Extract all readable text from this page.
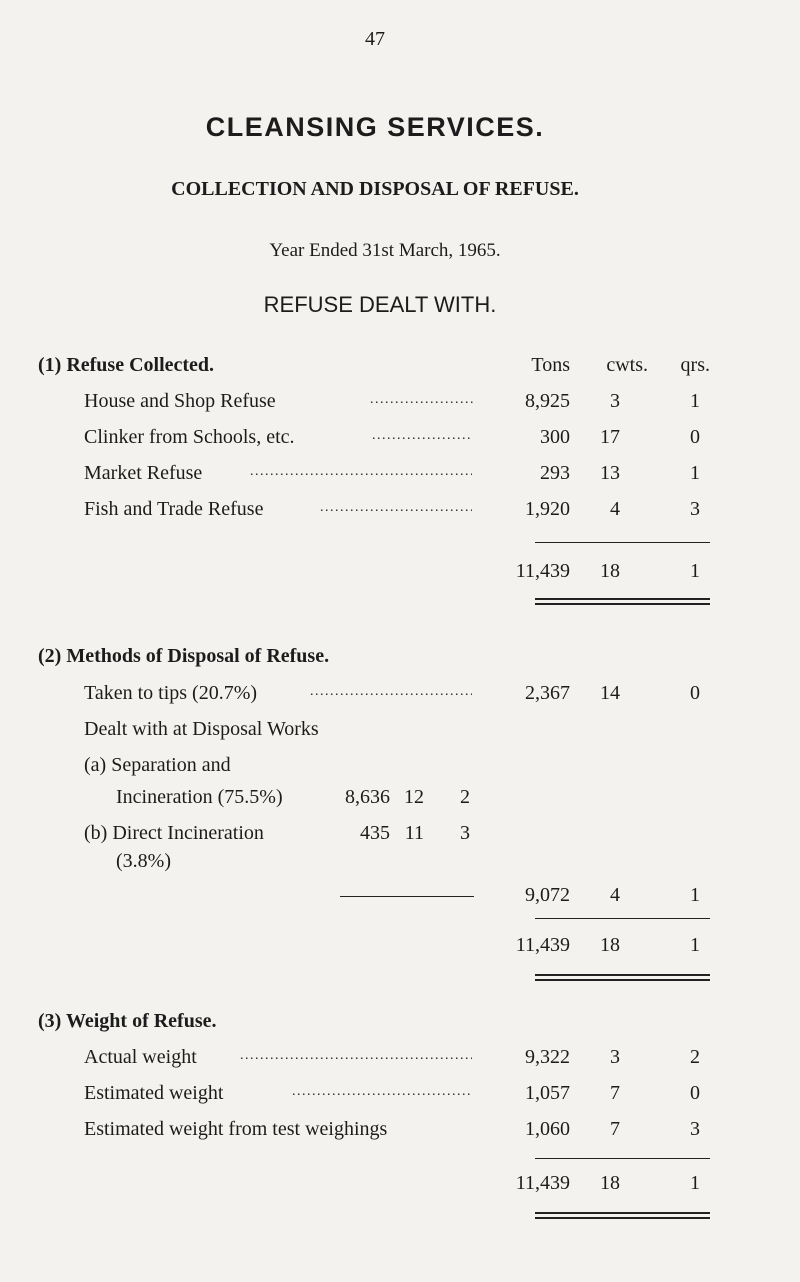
47
CLEANSING SERVICES.
COLLECTION AND DISPOSAL OF REFUSE.
Year Ended 31st March, 1965.
REFUSE DEALT WITH.
(1) Refuse Collected.	Tons	cwts.	qrs.
House and Shop Refuse . . .	8,925	3	1
Clinker from Schools, etc. . . .	300	17	0
Market Refuse . . .	293	13	1
Fish and Trade Refuse . . .	1,920	4	3
11,439	18	1
(2) Methods of Disposal of Refuse.
Taken to tips (20.7%) . . .	2,367	14	0
Dealt with at Disposal Works
(a) Separation and
Incineration (75.5%)	8,636 12	2
(b) Direct Incineration	435 11	3
(3.8%)
9,072	4	1
11,439	18	1
(3) Weight of Refuse.
Actual weight . . .	9,322	3	2
Estimated weight . . .	1,057	7	0
Estimated weight from test weighings	1,060	7	3
11,439	18	1
